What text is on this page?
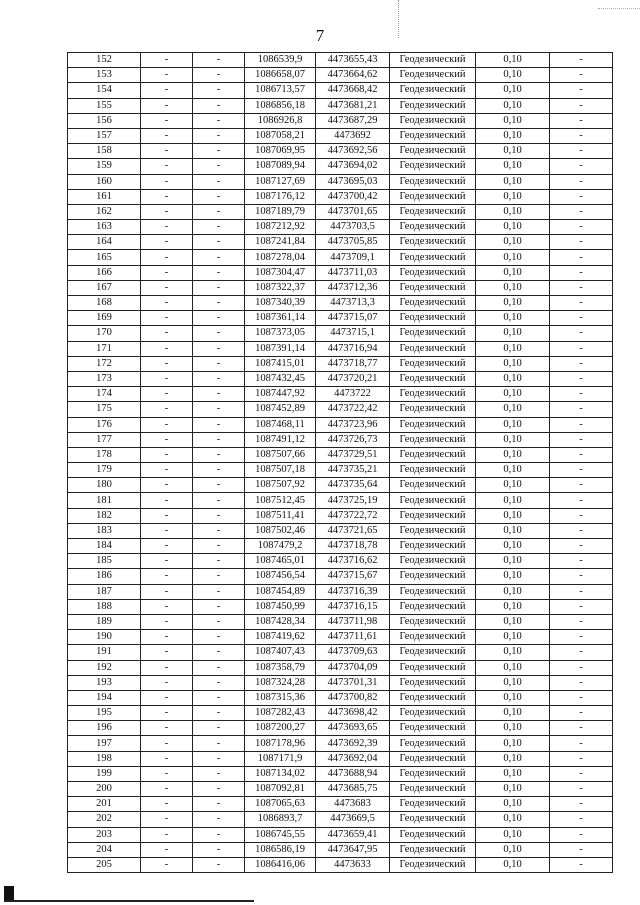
7
152	-	-	1086539,9	4473655,43	Геодезический	0,10	-
153	-	-	1086658,07	4473664,62	Геодезический	0,10	-
154	-	-	1086713,57	4473668,42	Геодезический	0,10	-
155	-	-	1086856,18	4473681,21	Геодезический	0,10	-
156	-	-	1086926,8	4473687,29	Геодезический	0,10	-
157	-	-	1087058,21	4473692	Геодезический	0,10	-
158	-	-	1087069,95	4473692,56	Геодезический	0,10	-
159	-	-	1087089,94	4473694,02	Геодезический	0,10	-
160	-	-	1087127,69	4473695,03	Геодезический	0,10	-
161	-	-	1087176,12	4473700,42	Геодезический	0,10	-
162	-	-	1087189,79	4473701,65	Геодезический	0,10	-
163	-	-	1087212,92	4473703,5	Геодезический	0,10	-
164	-	-	1087241,84	4473705,85	Геодезический	0,10	-
165	-	-	1087278,04	4473709,1	Геодезический	0,10	-
166	-	-	1087304,47	4473711,03	Геодезический	0,10	-
167	-	-	1087322,37	4473712,36	Геодезический	0,10	-
168	-	-	1087340,39	4473713,3	Геодезический	0,10	-
169	-	-	1087361,14	4473715,07	Геодезический	0,10	-
170	-	-	1087373,05	4473715,1	Геодезический	0,10	-
171	-	-	1087391,14	4473716,94	Геодезический	0,10	-
172	-	-	1087415,01	4473718,77	Геодезический	0,10	-
173	-	-	1087432,45	4473720,21	Геодезический	0,10	-
174	-	-	1087447,92	4473722	Геодезический	0,10	-
175	-	-	1087452,89	4473722,42	Геодезический	0,10	-
176	-	-	1087468,11	4473723,96	Геодезический	0,10	-
177	-	-	1087491,12	4473726,73	Геодезический	0,10	-
178	-	-	1087507,66	4473729,51	Геодезический	0,10	-
179	-	-	1087507,18	4473735,21	Геодезический	0,10	-
180	-	-	1087507,92	4473735,64	Геодезический	0,10	-
181	-	-	1087512,45	4473725,19	Геодезический	0,10	-
182	-	-	1087511,41	4473722,72	Геодезический	0,10	-
183	-	-	1087502,46	4473721,65	Геодезический	0,10	-
184	-	-	1087479,2	4473718,78	Геодезический	0,10	-
185	-	-	1087465,01	4473716,62	Геодезический	0,10	-
186	-	-	1087456,54	4473715,67	Геодезический	0,10	-
187	-	-	1087454,89	4473716,39	Геодезический	0,10	-
188	-	-	1087450,99	4473716,15	Геодезический	0,10	-
189	-	-	1087428,34	4473711,98	Геодезический	0,10	-
190	-	-	1087419,62	4473711,61	Геодезический	0,10	-
191	-	-	1087407,43	4473709,63	Геодезический	0,10	-
192	-	-	1087358,79	4473704,09	Геодезический	0,10	-
193	-	-	1087324,28	4473701,31	Геодезический	0,10	-
194	-	-	1087315,36	4473700,82	Геодезический	0,10	-
195	-	-	1087282,43	4473698,42	Геодезический	0,10	-
196	-	-	1087200,27	4473693,65	Геодезический	0,10	-
197	-	-	1087178,96	4473692,39	Геодезический	0,10	-
198	-	-	1087171,9	4473692,04	Геодезический	0,10	-
199	-	-	1087134,02	4473688,94	Геодезический	0,10	-
200	-	-	1087092,81	4473685,75	Геодезический	0,10	-
201	-	-	1087065,63	4473683	Геодезический	0,10	-
202	-	-	1086893,7	4473669,5	Геодезический	0,10	-
203	-	-	1086745,55	4473659,41	Геодезический	0,10	-
204	-	-	1086586,19	4473647,95	Геодезический	0,10	-
205	-	-	1086416,06	4473633	Геодезический	0,10	-
